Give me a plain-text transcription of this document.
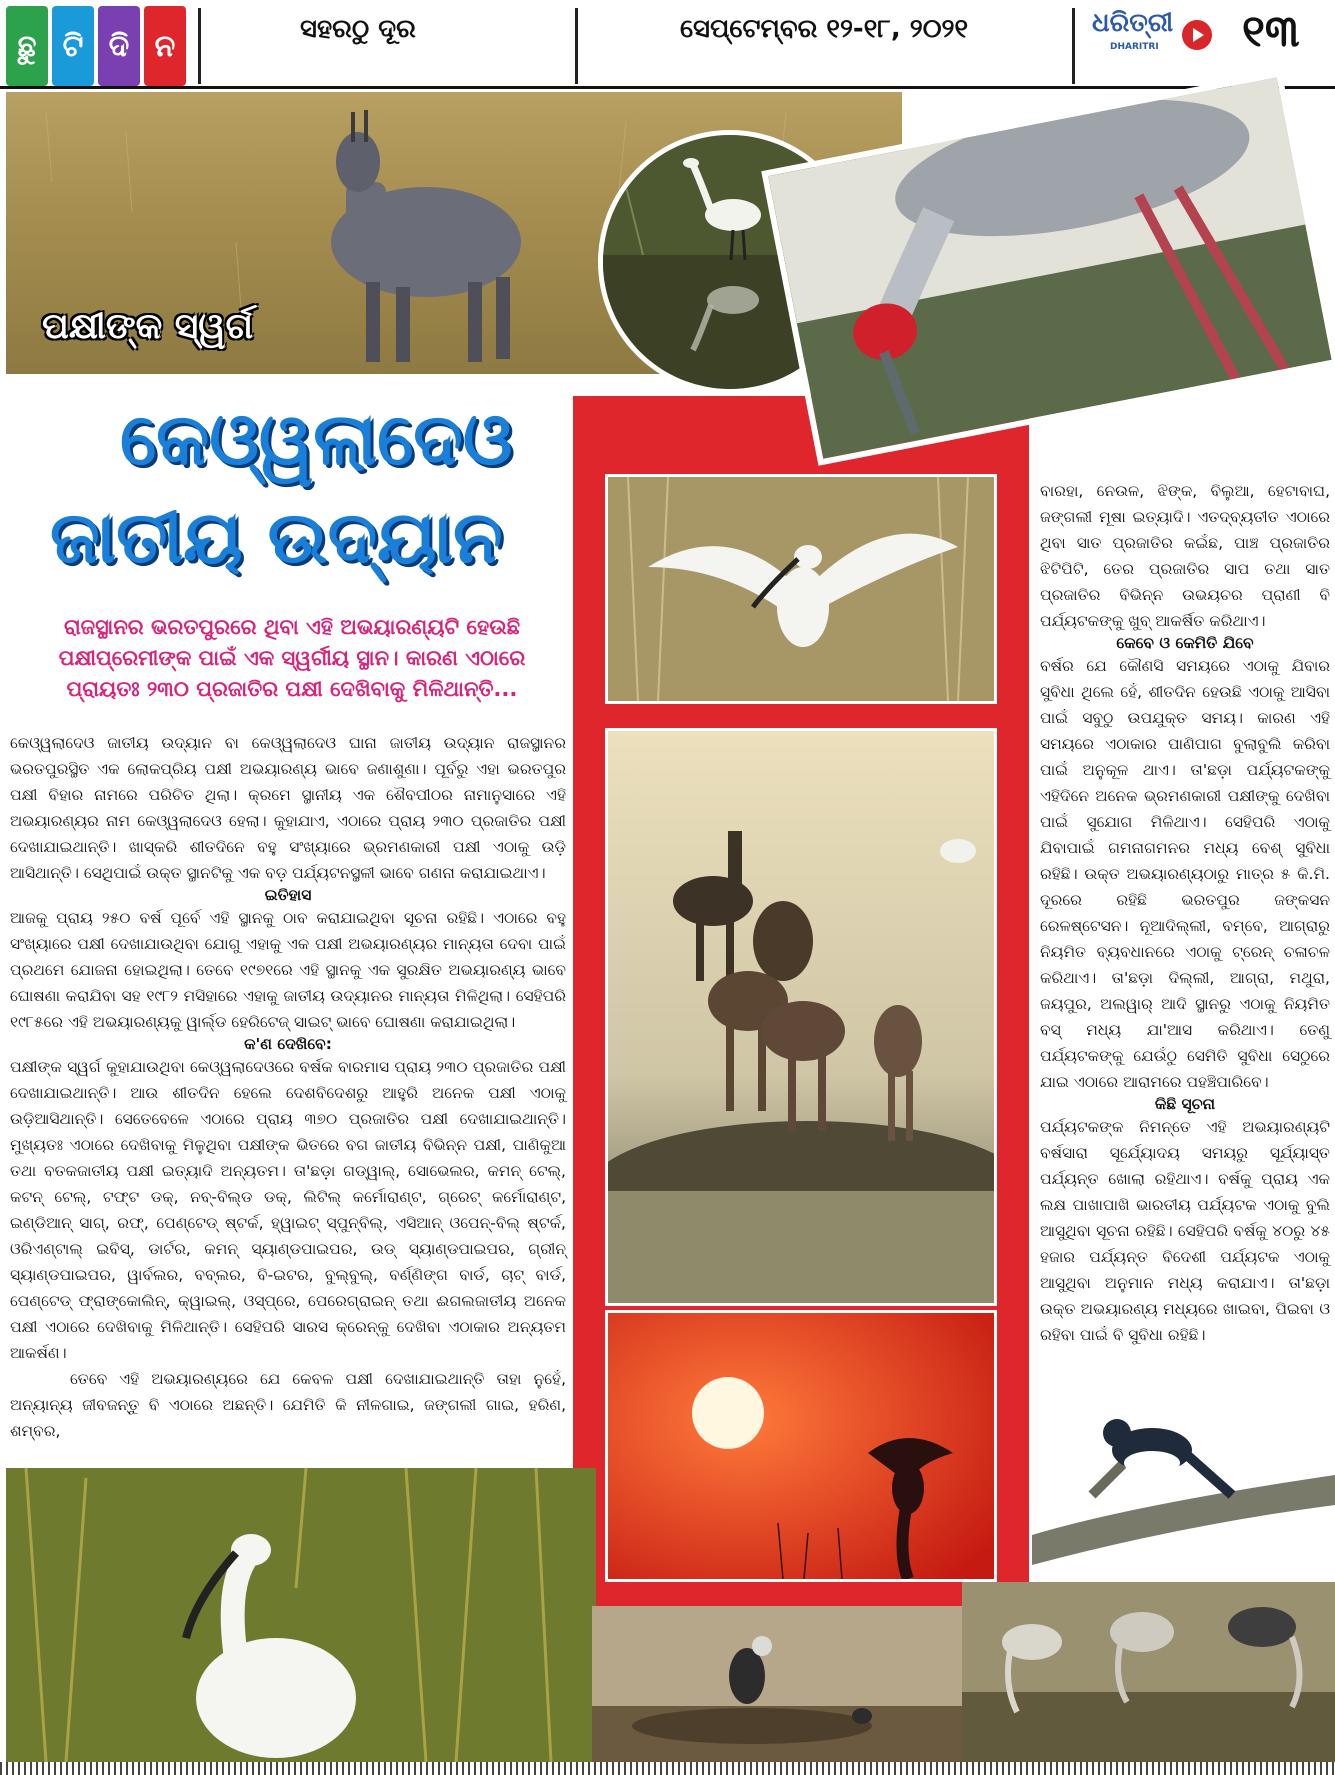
ଛୁ ଟି ଦି ନ	ସହରଠୁ ଦୂର	ସେପ୍ଟେମ୍ବର ୧୨-୧୮, ୨୦୨୧	ଧରିତ୍ରୀ
DHARITRI ୧୩
ପକ୍ଷୀଙ୍କ ସ୍ୱର୍ଗ
କେଓ୍ୱଲାଦେଓ
ଜାତୀୟ ଉଦ୍ୟାନ
ରାଜସ୍ଥାନର ଭରତପୁରରେ ଥିବା ଏହି ଅଭୟାରଣ୍ୟଟି ହେଉଛି ପକ୍ଷୀପ୍ରେମୀଙ୍କ ପାଇଁ ଏକ ସ୍ୱର୍ଗୀୟ ସ୍ଥାନ। କାରଣ ଏଠାରେ ପ୍ରାୟତଃ ୨୩୦ ପ୍ରଜାତିର ପକ୍ଷୀ ଦେଖିବାକୁ ମିଳିଥାନ୍ତି...
କେଓ୍ୱଲାଦେଓ ଜାତୀୟ ଉଦ୍ୟାନ ବା କେଓ୍ୱଲାଦେଓ ଘାନା ଜାତୀୟ ଉଦ୍ୟାନ ରାଜସ୍ଥାନର ଭରତପୁରସ୍ଥିତ ଏକ ଲୋକପ୍ରିୟ ପକ୍ଷୀ ଅଭୟାରଣ୍ୟ ଭାବେ ଜଣାଶୁଣା। ପୂର୍ବରୁ ଏହା ଭରତପୁର ପକ୍ଷୀ ବିହାର ନାମରେ ପରିଚିତ ଥିଲା। କ୍ରମେ ସ୍ଥାନୀୟ ଏକ ଶୈବପୀଠର ନାମାନୁସାରେ ଏହି ଅଭୟାରଣ୍ୟର ନାମ କେଓ୍ୱଲାଦେଓ ହେଲା। କୁହାଯାଏ, ଏଠାରେ ପ୍ରାୟ ୨୩୦ ପ୍ରଜାତିର ପକ୍ଷୀ ଦେଖାଯାଇଥାନ୍ତି। ଖାସ୍‌କରି ଶୀତଦିନେ ବହୁ ସଂଖ୍ୟାରେ ଭ୍ରମଣକାରୀ ପକ୍ଷୀ ଏଠାକୁ ଉଡ଼ି ଆସିଥାନ୍ତି। ସେଥିପାଇଁ ଉକ୍ତ ସ୍ଥାନଟିକୁ ଏକ ବଡ଼ ପର୍ଯ୍ୟଟନସ୍ଥଳୀ ଭାବେ ଗଣନା କରାଯାଇଥାଏ।
ଇତିହାସ
ଆଜକୁ ପ୍ରାୟ ୨୫୦ ବର୍ଷ ପୂର୍ବେ ଏହି ସ୍ଥାନକୁ ଠାବ କରାଯାଇଥିବା ସୂଚନା ରହିଛି। ଏଠାରେ ବହୁ ସଂଖ୍ୟାରେ ପକ୍ଷୀ ଦେଖାଯାଉଥିବା ଯୋଗୁ ଏହାକୁ ଏକ ପକ୍ଷୀ ଅଭୟାରଣ୍ୟର ମାନ୍ୟତା ଦେବା ପାଇଁ ପ୍ରଥମେ ଯୋଜନା ହୋଇଥିଲା। ତେବେ ୧୯୭୧ରେ ଏହି ସ୍ଥାନକୁ ଏକ ସୁରକ୍ଷିତ ଅଭୟାରଣ୍ୟ ଭାବେ ଘୋଷଣା କରାଯିବା ସହ ୧୯୮୨ ମସିହାରେ ଏହାକୁ ଜାତୀୟ ଉଦ୍ୟାନର ମାନ୍ୟତା ମିଳିଥିଲା। ସେହିପରି ୧୯୮୫ରେ ଏହି ଅଭୟାରଣ୍ୟକୁ ୱାର୍ଲ୍ଡ ହେରିଟେଜ୍ ସାଇଟ୍ ଭାବେ ଘୋଷଣା କରାଯାଇଥିଲା।
କ'ଣ ଦେଖିବେ:
ପକ୍ଷୀଙ୍କ ସ୍ୱର୍ଗ କୁହାଯାଉଥିବା କେଓ୍ୱଲାଦେଓରେ ବର୍ଷକ ବାରମାସ ପ୍ରାୟ ୨୩୦ ପ୍ରଜାତିର ପକ୍ଷୀ ଦେଖାଯାଇଥାନ୍ତି। ଆଉ ଶୀତଦିନ ହେଲେ ଦେଶବିଦେଶରୁ ଆହୁରି ଅନେକ ପକ୍ଷୀ ଏଠାକୁ ଉଡ଼ିଆସିଥାନ୍ତି। ସେତେବେଳେ ଏଠାରେ ପ୍ରାୟ ୩୭୦ ପ୍ରଜାତିର ପକ୍ଷୀ ଦେଖାଯାଇଥାନ୍ତି। ମୁଖ୍ୟତଃ ଏଠାରେ ଦେଖିବାକୁ ମିଳୁଥିବା ପକ୍ଷୀଙ୍କ ଭିତରେ ବଗ ଜାତୀୟ ବିଭିନ୍ନ ପକ୍ଷୀ, ପାଣିକୁଆ ତଥା ବତକଜାତୀୟ ପକ୍ଷୀ ଇତ୍ୟାଦି ଅନ୍ୟତମ। ତା'ଛଡ଼ା ଗଡ୍‌ୱାଲ୍, ସୋଭେଲର, କମନ୍ ଟେଲ୍, କଟନ୍ ଟେଲ୍, ଟଫ୍ଟ ଡକ୍, ନବ୍-ବିଲ୍ଡ ଡକ୍, ଲିଟିଲ୍ କର୍ମୋରାଣ୍ଟ, ଗ୍ରେଟ୍ କର୍ମୋରାଣ୍ଟ, ଇଣ୍ଡିଆନ୍ ସାଗ୍, ରଫ୍, ପେଣ୍ଟେଡ୍ ଷ୍ଟର୍କ, ହ୍ୱାଇଟ୍ ସ୍ପୁନ୍‌ବିଲ୍, ଏସିଆନ୍ ଓପେନ୍-ବିଲ୍ ଷ୍ଟର୍କ, ଓରିଏଣ୍ଟାଲ୍ ଇବିସ୍, ଡାର୍ଟର, କମନ୍ ସ୍ୟାଣ୍ଡପାଇପର, ଉଡ୍ ସ୍ୟାଣ୍ଡପାଇପର, ଗ୍ରୀନ୍ ସ୍ୟାଣ୍ଡପାଇପର, ୱାର୍ବଲର, ବବ୍‌ଲର, ବି-ଇଟର, ବୁଲ୍‌ବୁଲ୍, ବର୍ଣ୍ଣିଙ୍ଗ ବାର୍ଡ, ଚାଟ୍ ବାର୍ଡ, ପେଣ୍ଟେଡ୍ ଫ୍ରାଙ୍କୋଲିନ୍, କ୍ୱାଇଲ୍, ଓସ୍‌ପ୍ରେ, ପେରେଗ୍ରାଇନ୍ ତଥା ଈଗଲଜାତୀୟ ଅନେକ ପକ୍ଷୀ ଏଠାରେ ଦେଖିବାକୁ ମିଳିଥାନ୍ତି। ସେହିପରି ସାରସ କ୍ରେନ୍‌କୁ ଦେଖିବା ଏଠାକାର ଅନ୍ୟତମ ଆକର୍ଷଣ।
ତେବେ ଏହି ଅଭୟାରଣ୍ୟରେ ଯେ କେବଳ ପକ୍ଷୀ ଦେଖାଯାଇଥାନ୍ତି ତାହା ନୁହେଁ, ଅନ୍ୟାନ୍ୟ ଜୀବଜନ୍ତୁ ବି ଏଠାରେ ଅଛନ୍ତି। ଯେମିତି କି ନୀଳଗାଇ, ଜଙ୍ଗଲୀ ଗାଇ, ହରିଣ, ଶମ୍ବର,
ବାରହା, ନେଉଳ, ଝିଙ୍କ, ବିଲୁଆ, ହେଟାବାଘ, ଜଙ୍ଗଲୀ ମୂଷା ଇତ୍ୟାଦି। ଏତଦ୍‌ବ୍ୟତୀତ ଏଠାରେ ଥିବା ସାତ ପ୍ରଜାତିର କଇଁଛ, ପାଞ୍ଚ ପ୍ରଜାତିର ଝିଟିପିଟି, ତେର ପ୍ରଜାତିର ସାପ ତଥା ସାତ ପ୍ରଜାତିର ବିଭିନ୍ନ ଉଭୟଚର ପ୍ରାଣୀ ବି ପର୍ଯ୍ୟଟକଙ୍କୁ ଖୁବ୍ ଆକର୍ଷିତ କରିଥାଏ।
କେବେ ଓ କେମିତି ଯିବେ
ବର୍ଷର ଯେ କୌଣସି ସମୟରେ ଏଠାକୁ ଯିବାର ସୁବିଧା ଥିଲେ ହେଁ, ଶୀତଦିନ ହେଉଛି ଏଠାକୁ ଆସିବା ପାଇଁ ସବୁଠୁ ଉପଯୁକ୍ତ ସମୟ। କାରଣ ଏହି ସମୟରେ ଏଠାକାର ପାଣିପାଗ ବୁଲାବୁଲି କରିବା ପାଇଁ ଅନୁକୂଳ ଥାଏ। ତା'ଛଡ଼ା ପର୍ଯ୍ୟଟକଙ୍କୁ ଏହିଦିନେ ଅନେକ ଭ୍ରମଣକାରୀ ପକ୍ଷୀଙ୍କୁ ଦେଖିବା ପାଇଁ ସୁଯୋଗ ମିଳିଥାଏ। ସେହିପରି ଏଠାକୁ ଯିବାପାଇଁ ଗମନାଗମନର ମଧ୍ୟ ବେଶ୍ ସୁବିଧା ରହିଛି। ଉକ୍ତ ଅଭୟାରଣ୍ୟଠାରୁ ମାତ୍ର ୫ କି.ମି. ଦୂରରେ ରହିଛି ଭରତପୁର ଜଙ୍କସନ ରେଳଷ୍ଟେସନ। ନୂଆଦିଲ୍ଲୀ, ବମ୍ବେ, ଆଗ୍ରାରୁ ନିୟମିତ ବ୍ୟବଧାନରେ ଏଠାକୁ ଟ୍ରେନ୍ ଚଳାଚଳ କରିଥାଏ। ତା'ଛଡ଼ା ଦିଲ୍ଲୀ, ଆଗ୍ରା, ମଥୁରା, ଜୟପୁର, ଅଲୱାର୍ ଆଦି ସ୍ଥାନରୁ ଏଠାକୁ ନିୟମିତ ବସ୍ ମଧ୍ୟ ଯା'ଆସ କରିଥାଏ। ତେଣୁ ପର୍ଯ୍ୟଟକଙ୍କୁ ଯେଉଁଠୁ ସେମିତି ସୁବିଧା ସେଠୁରେ ଯାଇ ଏଠାରେ ଆରାମରେ ପହଞ୍ଚିପାରିବେ।
କିଛି ସୂଚନା
ପର୍ଯ୍ୟଟକଙ୍କ ନିମନ୍ତେ ଏହି ଅଭୟାରଣ୍ୟଟି ବର୍ଷସାରା ସୂର୍ଯ୍ୟୋଦୟ ସମୟରୁ ସୂର୍ଯ୍ୟାସ୍ତ ପର୍ଯ୍ୟନ୍ତ ଖୋଲା ରହିଥାଏ। ବର୍ଷକୁ ପ୍ରାୟ ଏକ ଲକ୍ଷ ପାଖାପାଖି ଭାରତୀୟ ପର୍ଯ୍ୟଟକ ଏଠାକୁ ବୁଲି ଆସୁଥିବା ସୂଚନା ରହିଛି। ସେହିପରି ବର୍ଷକୁ ୪୦ରୁ ୪୫ ହଜାର ପର୍ଯ୍ୟନ୍ତ ବିଦେଶୀ ପର୍ଯ୍ୟଟକ ଏଠାକୁ ଆସୁଥିବା ଅନୁମାନ ମଧ୍ୟ କରାଯାଏ। ତା'ଛଡ଼ା ଉକ୍ତ ଅଭୟାରଣ୍ୟ ମଧ୍ୟରେ ଖାଇବା, ପିଇବା ଓ ରହିବା ପାଇଁ ବି ସୁବିଧା ରହିଛି।
